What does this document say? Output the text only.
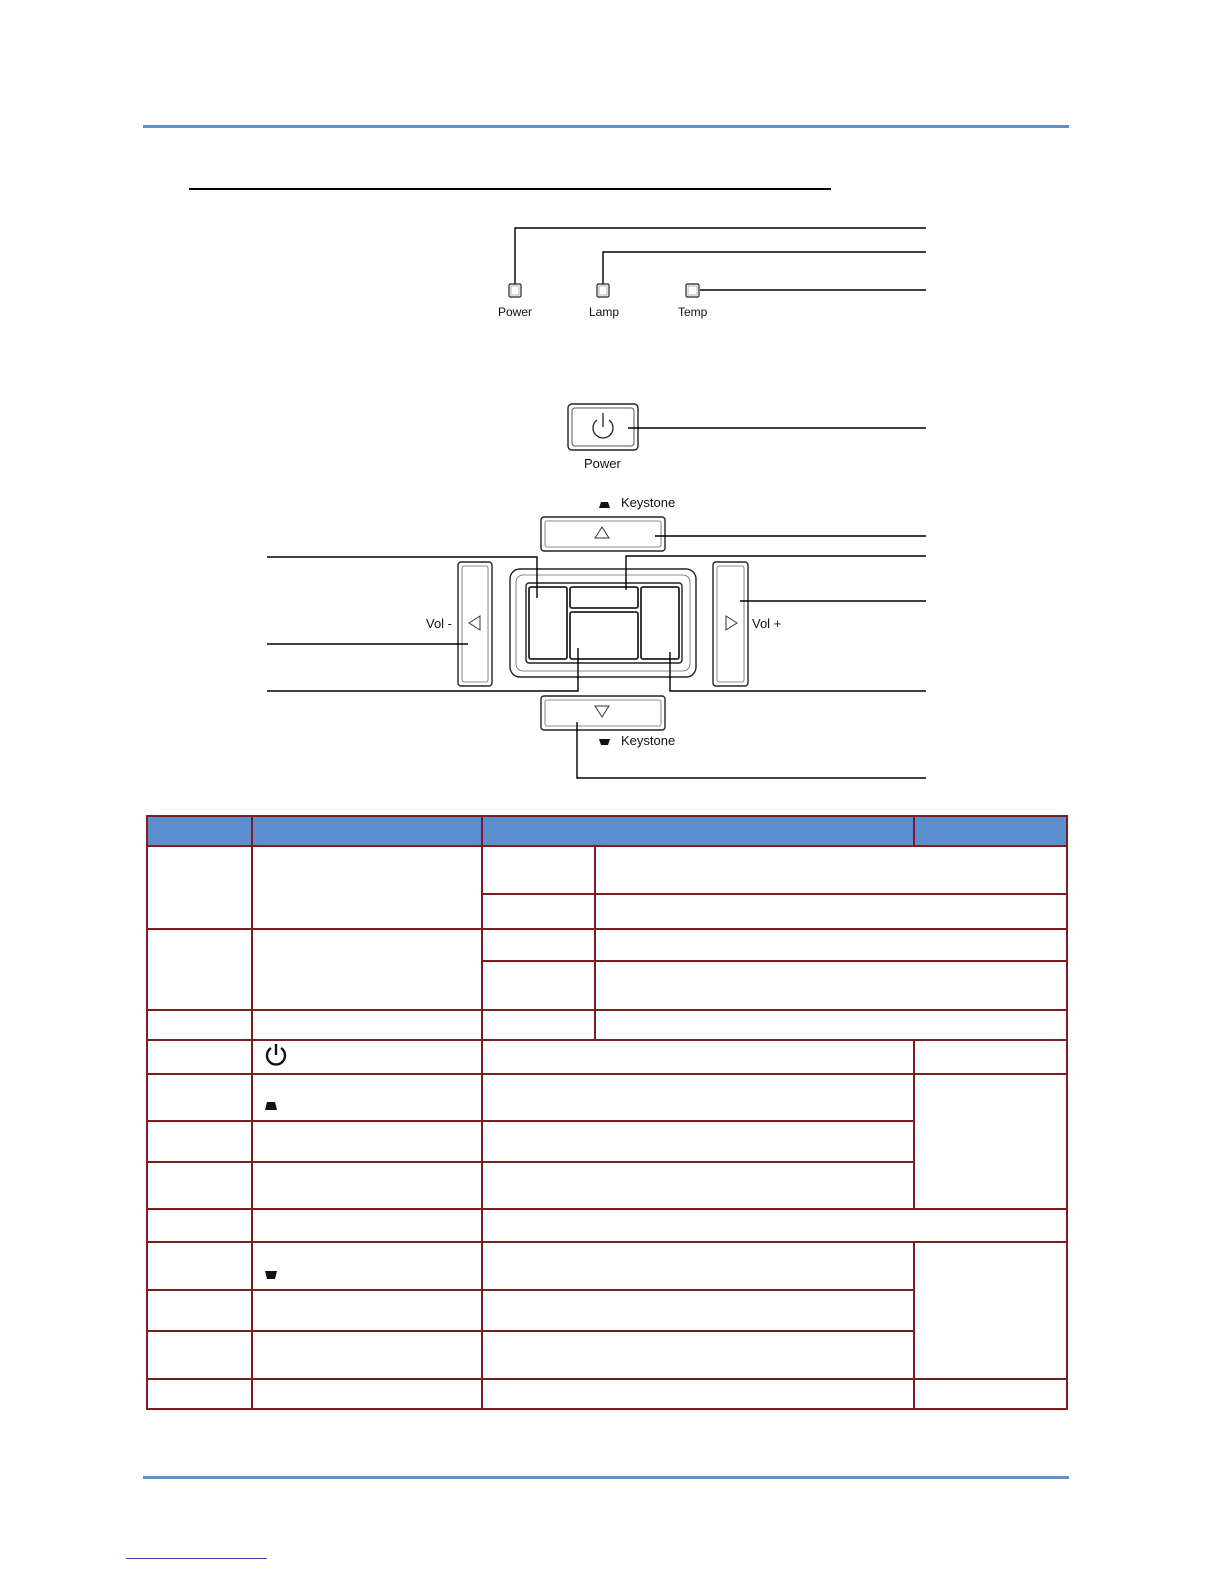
Power	Lamp	Temp
Power
Keystone
Vol -	Vol +
Keystone
